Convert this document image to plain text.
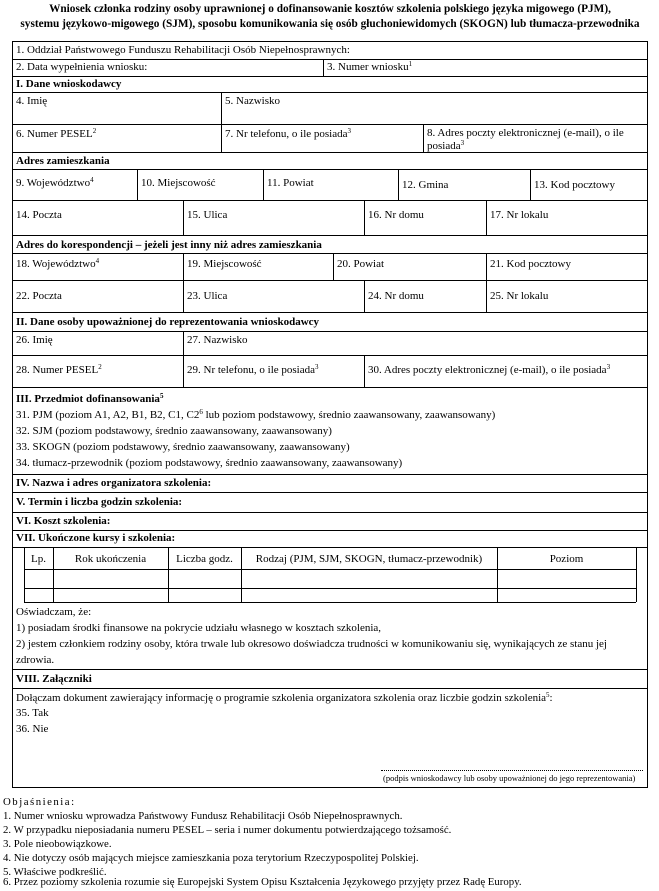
Wniosek członka rodziny osoby uprawnionej o dofinansowanie kosztów szkolenia polskiego języka migowego (PJM),
systemu językowo-migowego (SJM), sposobu komunikowania się osób głuchoniewidomych (SKOGN) lub tłumacza-przewodnika
1. Oddział Państwowego Funduszu Rehabilitacji Osób Niepełnosprawnych:
2. Data wypełnienia wniosku:	3. Numer wniosku$^1$
I. Dane wnioskodawcy
4. Imię	5. Nazwisko
6. Numer PESEL$^2$	7. Nr telefonu, o ile posiada$^3$	8. Adres poczty elektronicznej (e-mail), o ile
posiada$^3$
Adres zamieszkania
9. Województwo$^4$	10. Miejscowość	11. Powiat	12. Gmina	13. Kod pocztowy
14. Poczta	15. Ulica	16. Nr domu	17. Nr lokalu
Adres do korespondencji – jeżeli jest inny niż adres zamieszkania
18. Województwo$^4$	19. Miejscowość	20. Powiat	21. Kod pocztowy
22. Poczta	23. Ulica	24. Nr domu	25. Nr lokalu
II. Dane osoby upoważnionej do reprezentowania wnioskodawcy
26. Imię	27. Nazwisko
28. Numer PESEL$^2$	29. Nr telefonu, o ile posiada$^3$	30. Adres poczty elektronicznej (e-mail), o ile posiada$^3$
III. Przedmiot dofinansowania$^5$
31. PJM (poziom A1, A2, B1, B2, C1, $C2^6$ lub poziom podstawowy, średnio zaawansowany, zaawansowany)
32. SJM (poziom podstawowy, średnio zaawansowany, zaawansowany)
33. SKOGN (poziom podstawowy, średnio zaawansowany, zaawansowany)
34. tłumacz-przewodnik (poziom podstawowy, średnio zaawansowany, zaawansowany)
IV. Nazwa i adres organizatora szkolenia:
V. Termin i liczba godzin szkolenia:
VI. Koszt szkolenia:
VII. Ukończone kursy i szkolenia:
Lp.	Rok ukończenia	Liczba godz.	Rodzaj (PJM, SJM, SKOGN, tłumacz-przewodnik)	Poziom
Oświadczam, że:
1) posiadam środki finansowe na pokrycie udziału własnego w kosztach szkolenia,
2) jestem członkiem rodziny osoby, która trwale lub okresowo doświadcza trudności w komunikowaniu się, wynikających ze stanu jej
zdrowia.
VIII. Załączniki
Dołączam dokument zawierający informację o programie szkolenia organizatora szkolenia oraz liczbie godzin szkolenia$^5$:
35. Tak
36. Nie
(podpis wnioskodawcy lub osoby upoważnionej do jego reprezentowania)
Objaśnienia:
1. Numer wniosku wprowadza Państwowy Fundusz Rehabilitacji Osób Niepełnosprawnych.
2. W przypadku nieposiadania numeru PESEL – seria i numer dokumentu potwierdzającego tożsamość.
3. Pole nieobowiązkowe.
4. Nie dotyczy osób mających miejsce zamieszkania poza terytorium Rzeczypospolitej Polskiej.
5. Właściwe podkreślić.
6. Przez poziomy szkolenia rozumie się Europejski System Opisu Kształcenia Językowego przyjęty przez Radę Europy.
